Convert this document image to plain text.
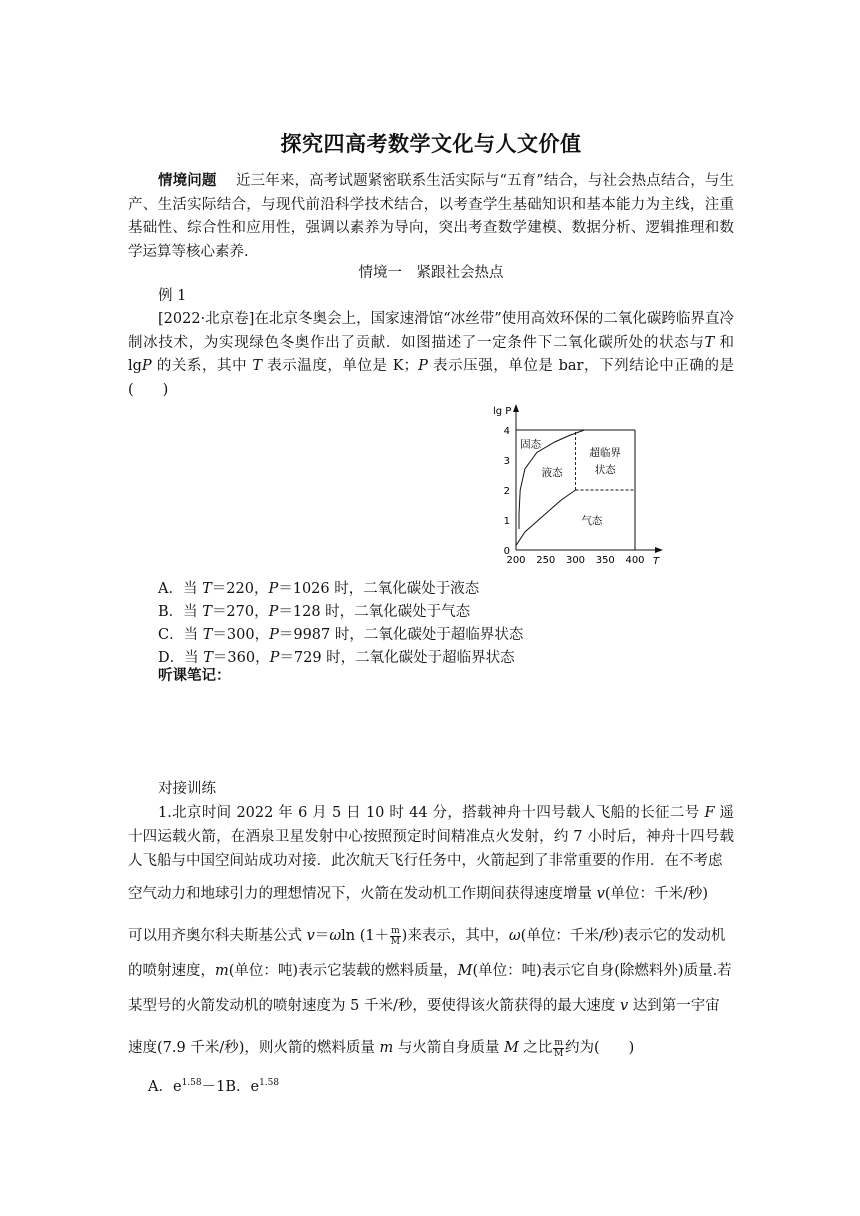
探究四高考数学文化与人文价值
情境问题　 近三年来，高考试题紧密联系生活实际与“五育”结合，与社会热点结合，与生产、生活实际结合，与现代前沿科学技术结合，以考查学生基础知识和基本能力为主线，注重基础性、综合性和应用性，强调以素养为导向，突出考查数学建模、数据分析、逻辑推理和数学运算等核心素养.
情境一　紧跟社会热点
例 1
[2022·北京卷]在北京冬奥会上，国家速滑馆“冰丝带”使用高效环保的二氧化碳跨临界直冷制冰技术，为实现绿色冬奥作出了贡献．如图描述了一定条件下二氧化碳所处的状态与T 和 lgP 的关系，其中 T 表示温度，单位是 K；P 表示压强，单位是 bar，下列结论中正确的是(　　)
lg P
T
0
1
2
3
4
200 250 300 350 400
固态
液态
超临界
状态
气态
A．当 T＝220，P＝1026 时，二氧化碳处于液态
B．当 T＝270，P＝128 时，二氧化碳处于气态
C．当 T＝300，P＝9987 时，二氧化碳处于超临界状态
D．当 T＝360，P＝729 时，二氧化碳处于超临界状态
听课笔记：
对接训练
1.北京时间 2022 年 6 月 5 日 10 时 44 分，搭载神舟十四号载人飞船的长征二号 F 遥十四运载火箭，在酒泉卫星发射中心按照预定时间精准点火发射，约 7 小时后，神舟十四号载人飞船与中国空间站成功对接．此次航天飞行任务中，火箭起到了非常重要的作用．在不考虑
空气动力和地球引力的理想情况下，火箭在发动机工作期间获得速度增量 v(单位：千米/秒)
可以用齐奥尔科夫斯基公式 v＝ωln ($1+ \frac{m}{M}$ )来表示，其中，ω(单位：千米/秒)表示它的发动机
的喷射速度，m(单位：吨)表示它装载的燃料质量，M(单位：吨)表示它自身(除燃料外)质量.若
某型号的火箭发动机的喷射速度为 5 千米/秒，要使得该火箭获得的最大速度 v 达到第一宇宙
速度(7.9 千米/秒)，则火箭的燃料质量 m 与火箭自身质量 M 之比 $\frac{m}{M}$ 约为(　　)
A．$e^{1.58}-1B$．$e^{1.58}$
